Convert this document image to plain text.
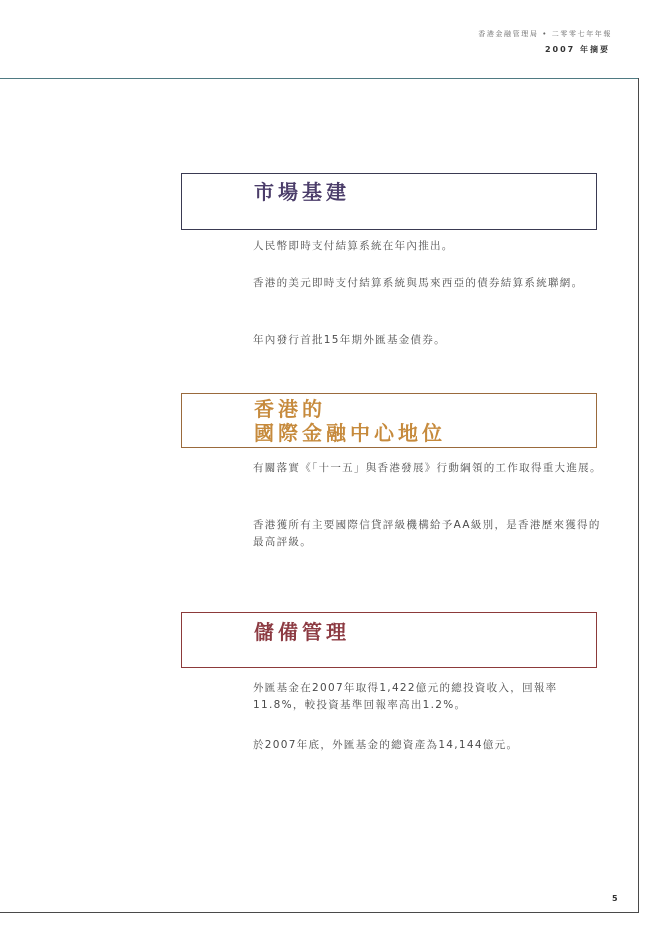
香港金融管理局 • 二零零七年年報
2007 年摘要
市場基建
人民幣即時支付結算系統在年內推出。
香港的美元即時支付結算系統與馬來西亞的債券結算系統聯網。
年內發行首批15年期外匯基金債券。
香港的
國際金融中心地位
有關落實《「十一五」與香港發展》行動綱領的工作取得重大進展。
香港獲所有主要國際信貸評級機構給予AA級別，是香港歷來獲得的最高評級。
儲備管理
外匯基金在2007年取得1,422億元的總投資收入，回報率11.8%，較投資基準回報率高出1.2%。
於2007年底，外匯基金的總資產為14,144億元。
5
